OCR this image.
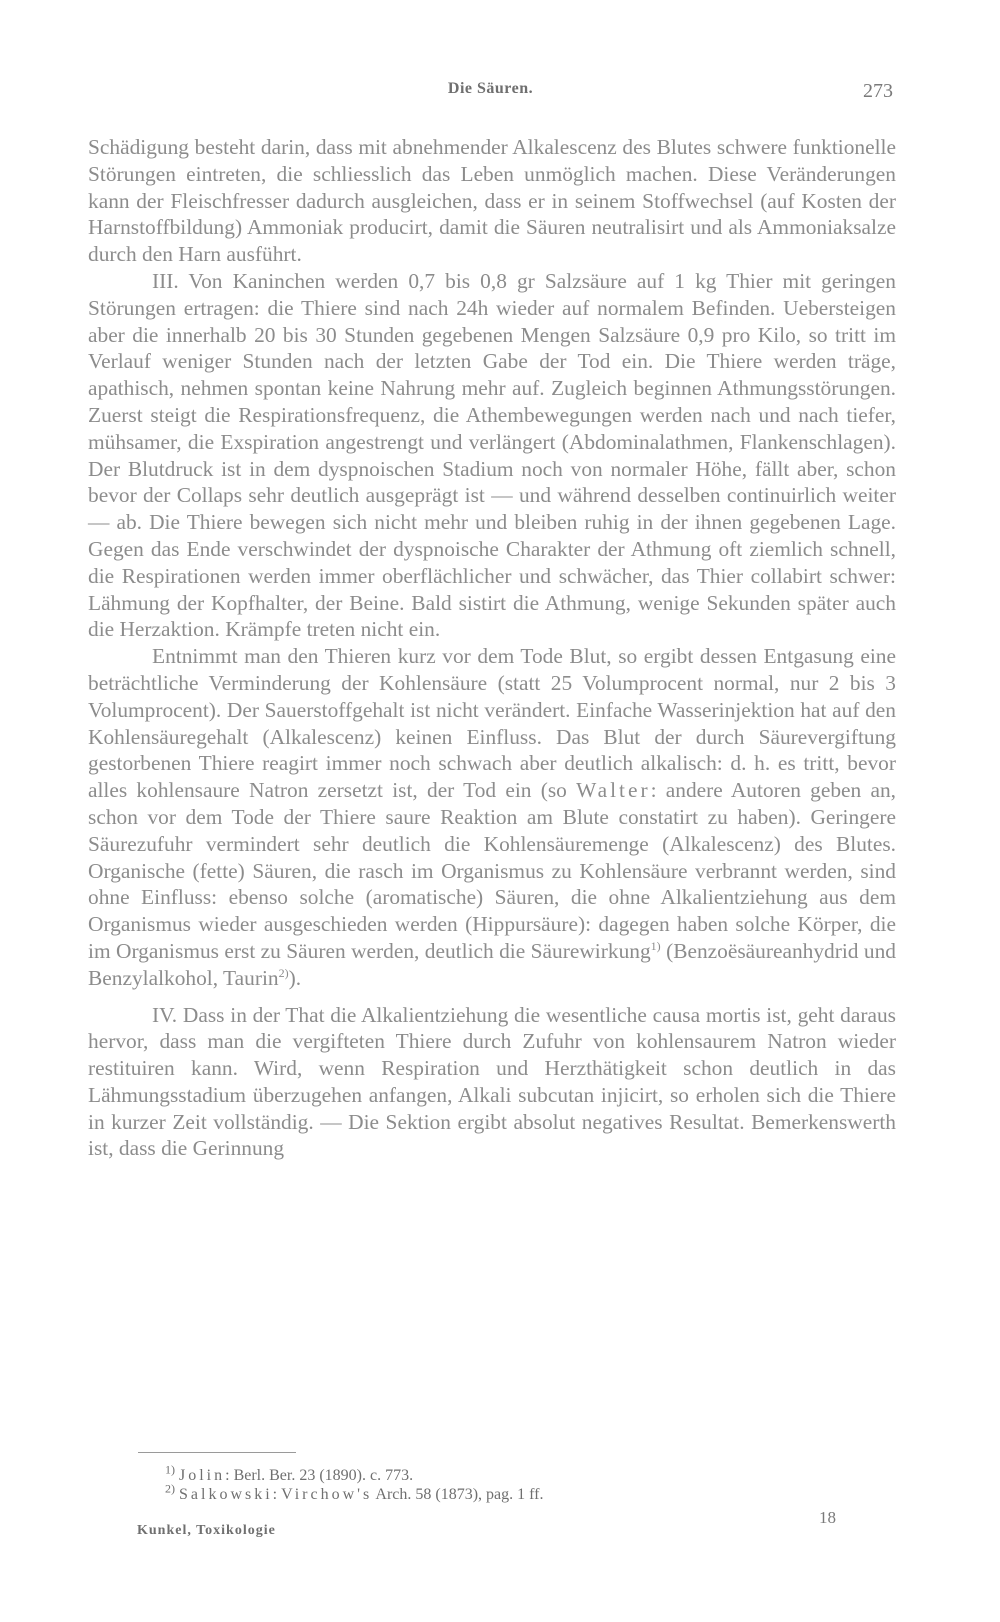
Die Säuren.	273

Schädigung besteht darin, dass mit abnehmender Alkalescenz des Blutes schwere funktionelle Störungen eintreten, die schliesslich das Leben unmöglich machen. Diese Veränderungen kann der Fleischfresser dadurch ausgleichen, dass er in seinem Stoffwechsel (auf Kosten der Harnstoffbildung) Ammoniak producirt, damit die Säuren neutralisirt und als Ammoniaksalze durch den Harn ausführt.

III. Von Kaninchen werden 0,7 bis 0,8 gr Salzsäure auf 1 kg Thier mit geringen Störungen ertragen: die Thiere sind nach 24h wieder auf normalem Befinden. Uebersteigen aber die innerhalb 20 bis 30 Stunden gegebenen Mengen Salzsäure 0,9 pro Kilo, so tritt im Verlauf weniger Stunden nach der letzten Gabe der Tod ein. Die Thiere werden träge, apathisch, nehmen spontan keine Nahrung mehr auf. Zugleich beginnen Athmungsstörungen. Zuerst steigt die Respirationsfrequenz, die Athembewegungen werden nach und nach tiefer, mühsamer, die Exspiration angestrengt und verlängert (Abdominalathmen, Flankenschlagen). Der Blutdruck ist in dem dyspnoischen Stadium noch von normaler Höhe, fällt aber, schon bevor der Collaps sehr deutlich ausgeprägt ist — und während desselben continuirlich weiter — ab. Die Thiere bewegen sich nicht mehr und bleiben ruhig in der ihnen gegebenen Lage. Gegen das Ende verschwindet der dyspnoische Charakter der Athmung oft ziemlich schnell, die Respirationen werden immer oberflächlicher und schwächer, das Thier collabirt schwer: Lähmung der Kopfhalter, der Beine. Bald sistirt die Athmung, wenige Sekunden später auch die Herzaktion. Krämpfe treten nicht ein.

Entnimmt man den Thieren kurz vor dem Tode Blut, so ergibt dessen Entgasung eine beträchtliche Verminderung der Kohlensäure (statt 25 Volumprocent normal, nur 2 bis 3 Volumprocent). Der Sauerstoffgehalt ist nicht verändert. Einfache Wasserinjektion hat auf den Kohlensäuregehalt (Alkalescenz) keinen Einfluss. Das Blut der durch Säurevergiftung gestorbenen Thiere reagirt immer noch schwach aber deutlich alkalisch: d. h. es tritt, bevor alles kohlensaure Natron zersetzt ist, der Tod ein (so Walter: andere Autoren geben an, schon vor dem Tode der Thiere saure Reaktion am Blute constatirt zu haben). Geringere Säurezufuhr vermindert sehr deutlich die Kohlensäuremenge (Alkalescenz) des Blutes. Organische (fette) Säuren, die rasch im Organismus zu Kohlensäure verbrannt werden, sind ohne Einfluss: ebenso solche (aromatische) Säuren, die ohne Alkalientziehung aus dem Organismus wieder ausgeschieden werden (Hippursäure): dagegen haben solche Körper, die im Organismus erst zu Säuren werden, deutlich die Säurewirkung$^{1)}$ (Benzoësäureanhydrid und Benzylalkohol, Taurin$^{2)}$).

IV. Dass in der That die Alkalientziehung die wesentliche causa mortis ist, geht daraus hervor, dass man die vergifteten Thiere durch Zufuhr von kohlensaurem Natron wieder restituiren kann. Wird, wenn Respiration und Herzthätigkeit schon deutlich in das Lähmungsstadium überzugehen anfangen, Alkali subcutan injicirt, so erholen sich die Thiere in kurzer Zeit vollständig. — Die Sektion ergibt absolut negatives Resultat. Bemerkenswerth ist, dass die Gerinnung

$^{1)}$ Jolin: Berl. Ber. 23 (1890). c. 773.
$^{2)}$ Salkowski: Virchow's Arch. 58 (1873), pag. 1 ff.
Kunkel, Toxikologie
18
